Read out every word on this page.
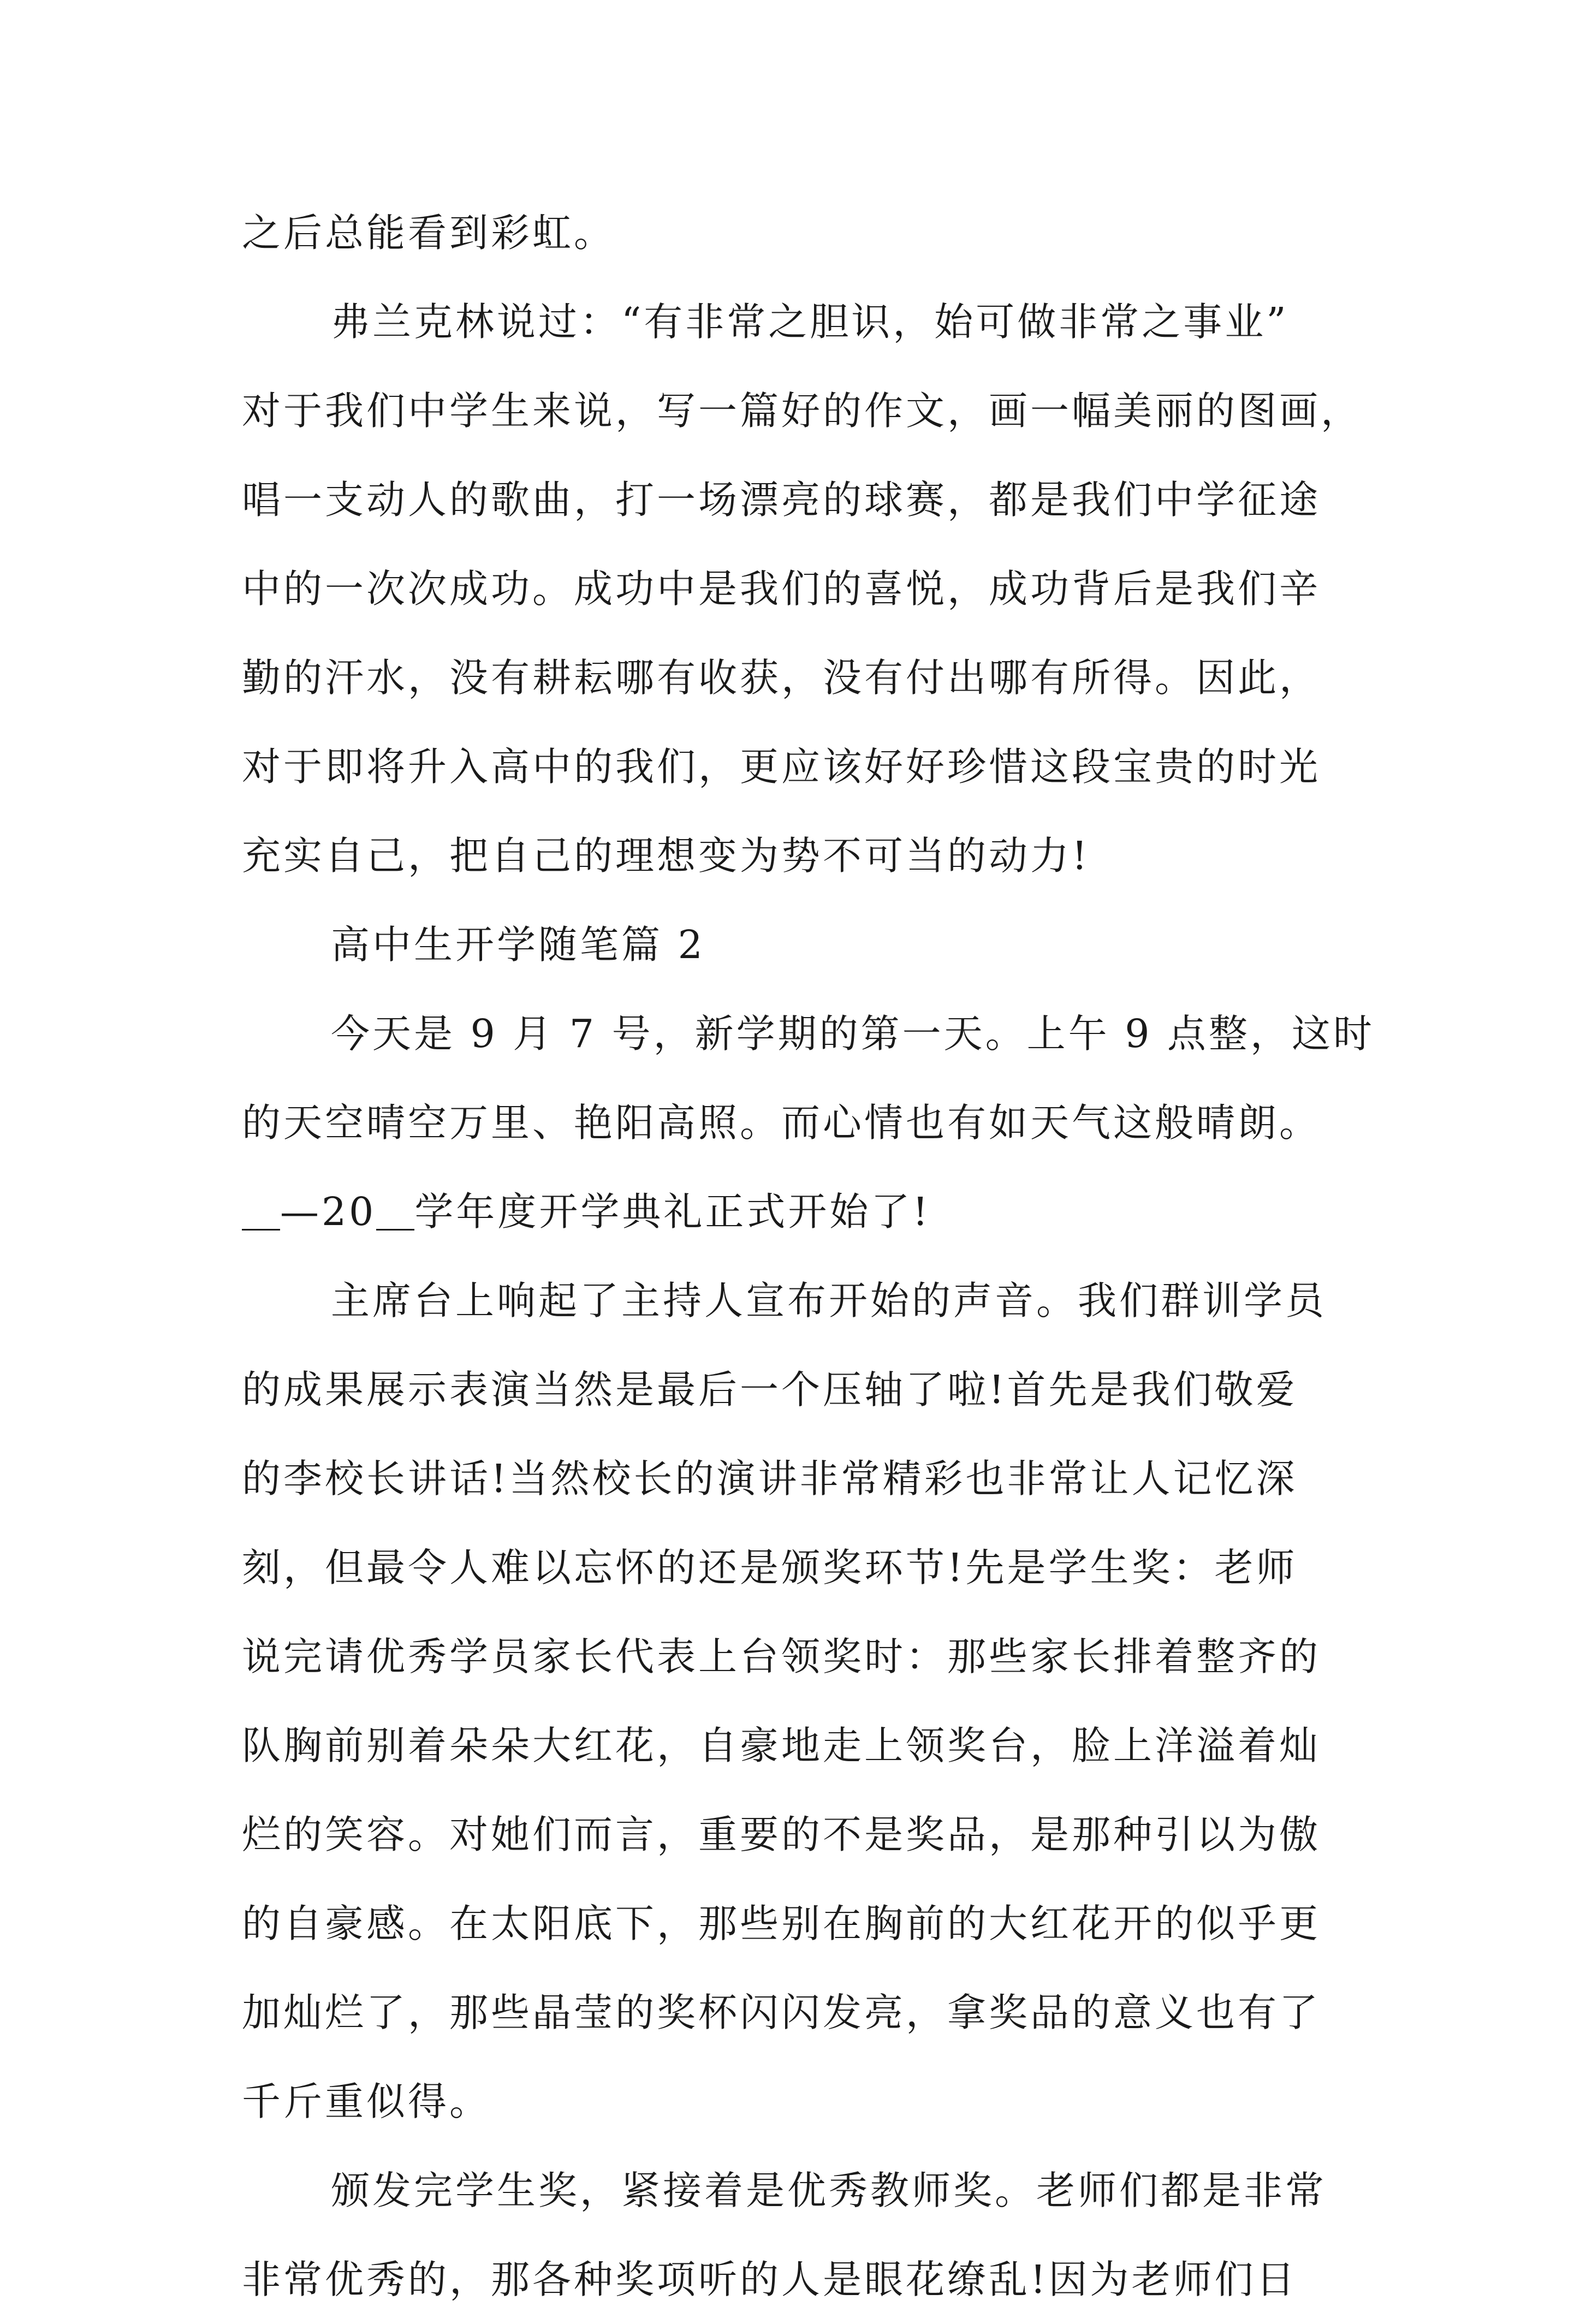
之后总能看到彩虹。
弗兰克林说过：“有非常之胆识，始可做非常之事业”
对于我们中学生来说，写一篇好的作文，画一幅美丽的图画，
唱一支动人的歌曲，打一场漂亮的球赛，都是我们中学征途
中的一次次成功。成功中是我们的喜悦，成功背后是我们辛
勤的汗水，没有耕耘哪有收获，没有付出哪有所得。因此，
对于即将升入高中的我们，更应该好好珍惜这段宝贵的时光
充实自己，把自己的理想变为势不可当的动力!
高中生开学随笔篇 2
今天是 9 月 7 号，新学期的第一天。上午 9 点整，这时
的天空晴空万里、艳阳高照。而心情也有如天气这般晴朗。
—20 学年度开学典礼正式开始了!
主席台上响起了主持人宣布开始的声音。我们群训学员
的成果展示表演当然是最后一个压轴了啦!首先是我们敬爱
的李校长讲话!当然校长的演讲非常精彩也非常让人记忆深
刻，但最令人难以忘怀的还是颁奖环节!先是学生奖：老师
说完请优秀学员家长代表上台领奖时：那些家长排着整齐的
队胸前别着朵朵大红花，自豪地走上领奖台，脸上洋溢着灿
烂的笑容。对她们而言，重要的不是奖品，是那种引以为傲
的自豪感。在太阳底下，那些别在胸前的大红花开的似乎更
加灿烂了，那些晶莹的奖杯闪闪发亮，拿奖品的意义也有了
千斤重似得。
颁发完学生奖，紧接着是优秀教师奖。老师们都是非常
非常优秀的，那各种奖项听的人是眼花缭乱!因为老师们日
